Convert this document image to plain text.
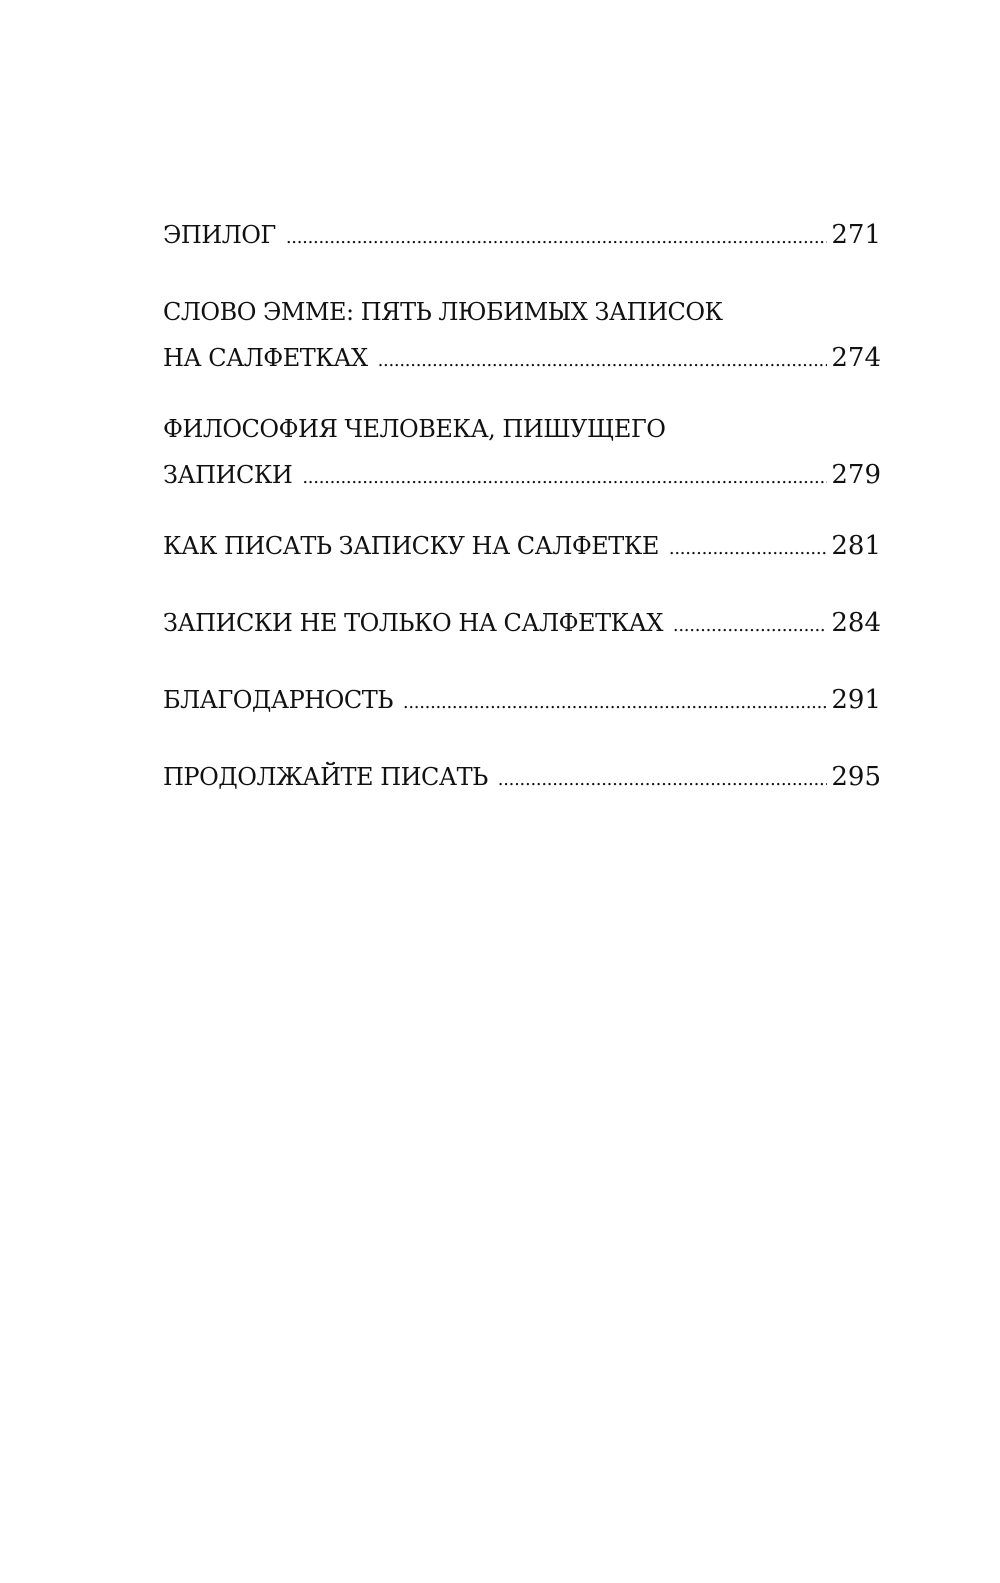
ЭПИЛОГ . . .	271
СЛОВО ЭММЕ: ПЯТЬ ЛЮБИМЫХ ЗАПИСОК
НА САЛФЕТКАХ . . .	274
ФИЛОСОФИЯ ЧЕЛОВЕКА, ПИШУЩЕГО
ЗАПИСКИ . . .	279
КАК ПИСАТЬ ЗАПИСКУ НА САЛФЕТКЕ . . .	281
ЗАПИСКИ НЕ ТОЛЬКО НА САЛФЕТКАХ . . .	284
БЛАГОДАРНОСТЬ . . .	291
ПРОДОЛЖАЙТЕ ПИСАТЬ . . .	295
